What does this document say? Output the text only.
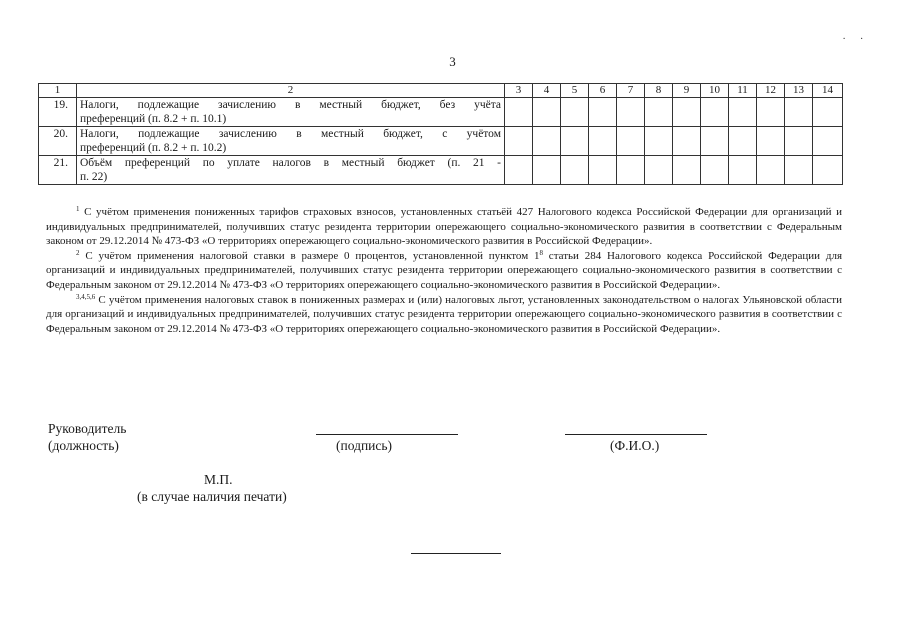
3
. .
1	2	3	4	5	6	7	8	9	10	11	12	13	14
19.	Налоги, подлежащие зачислению в местный бюджет, без учёта
преференций (п. 8.2 + п. 10.1)												

20.	Налоги, подлежащие зачислению в местный бюджет, с учётом
преференций (п. 8.2 + п. 10.2)												

21.	Объём преференций по уплате налогов в местный бюджет (п. 21 -
п. 22)												

$^1$ С учётом применения пониженных тарифов страховых взносов, установленных статьёй 427 Налогового кодекса Российской Федерации для организаций и индивидуальных предпринимателей, получивших статус резидента территории опережающего социально-экономического развития в соответствии с Федеральным законом от 29.12.2014 № 473-ФЗ «О территориях опережающего социально-экономического развития в Российской Федерации».

$^2$ С учётом применения налоговой ставки в размере 0 процентов, установленной пунктом $1^8$ статьи 284 Налогового кодекса Российской Федерации для организаций и индивидуальных предпринимателей, получивших статус резидента территории опережающего социально-экономического развития в соответствии с Федеральным законом от 29.12.2014 № 473-ФЗ «О территориях опережающего социально-экономического развития в Российской Федерации».

$^{3,4,5,6}$ С учётом применения налоговых ставок в пониженных размерах и (или) налоговых льгот, установленных законодательством о налогах Ульяновской области для организаций и индивидуальных предпринимателей, получивших статус резидента территории опережающего социально-экономического развития в соответствии с Федеральным законом от 29.12.2014 № 473-ФЗ «О территориях опережающего социально-экономического развития в Российской Федерации».

Руководитель
(должность)	(подпись)	(Ф.И.О.)
М.П.
(в случае наличия печати)
